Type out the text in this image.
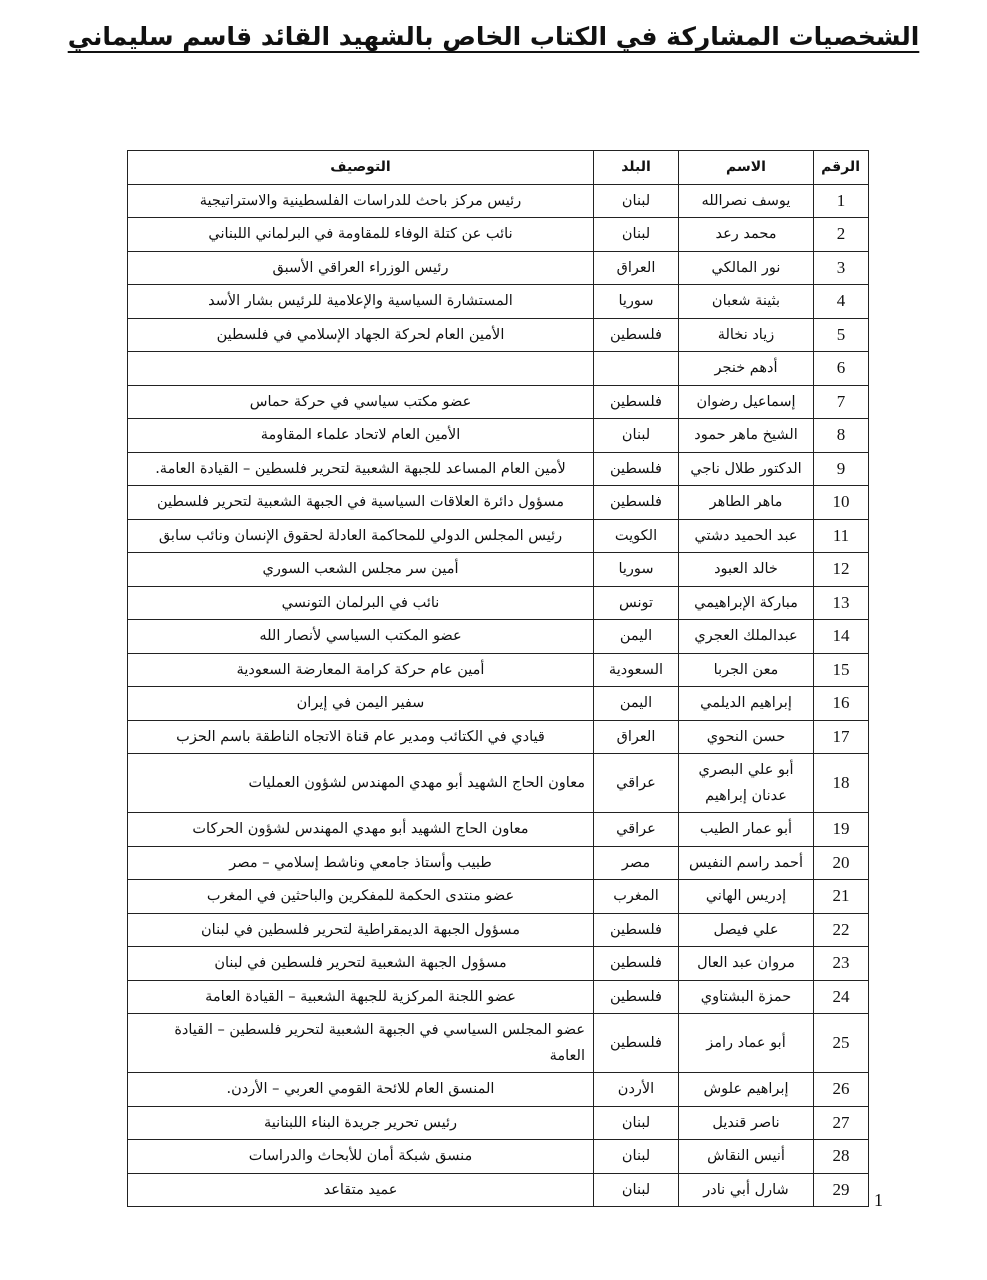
الشخصيات المشاركة في الكتاب الخاص بالشهيد القائد قاسم سليماني
الرقم	الاسم	البلد	التوصيف
1	يوسف نصرالله	لبنان	رئيس مركز باحث للدراسات الفلسطينية والاستراتيجية
2	محمد رعد	لبنان	نائب عن كتلة الوفاء للمقاومة في البرلماني اللبناني
3	نور المالكي	العراق	رئيس الوزراء العراقي الأسبق
4	بثينة شعبان	سوريا	المستشارة السياسية والإعلامية للرئيس بشار الأسد
5	زياد نخالة	فلسطين	الأمين العام لحركة الجهاد الإسلامي في فلسطين
6	أدهم خنجر		
7	إسماعيل رضوان	فلسطين	عضو مكتب سياسي في حركة حماس
8	الشيخ ماهر حمود	لبنان	الأمين العام لاتحاد علماء المقاومة
9	الدكتور طلال ناجي	فلسطين	لأمين العام المساعد للجبهة الشعبية لتحرير فلسطين – القيادة العامة.
10	ماهر الطاهر	فلسطين	مسؤول دائرة العلاقات السياسية في الجبهة الشعبية لتحرير فلسطين
11	عبد الحميد دشتي	الكويت	رئيس المجلس الدولي للمحاكمة العادلة لحقوق الإنسان ونائب سابق
12	خالد العبود	سوريا	أمين سر مجلس الشعب السوري
13	مباركة الإبراهيمي	تونس	نائب في البرلمان التونسي
14	عبدالملك العجري	اليمن	عضو المكتب السياسي لأنصار الله
15	معن الجربا	السعودية	أمين عام حركة كرامة المعارضة السعودية
16	إبراهيم الديلمي	اليمن	سفير اليمن في إيران
17	حسن النحوي	العراق	قيادي في الكتائب ومدير عام قناة الاتجاه الناطقة باسم الحزب
18	أبو علي البصري عدنان إبراهيم	عراقي	معاون الحاج الشهيد أبو مهدي المهندس لشؤون العمليات
19	أبو عمار الطيب	عراقي	معاون الحاج الشهيد أبو مهدي المهندس لشؤون الحركات
20	أحمد راسم النفيس	مصر	طبيب وأستاذ جامعي وناشط إسلامي – مصر
21	إدريس الهاني	المغرب	عضو منتدى الحكمة للمفكرين والباحثين في المغرب
22	علي فيصل	فلسطين	مسؤول الجبهة الديمقراطية لتحرير فلسطين في لبنان
23	مروان عبد العال	فلسطين	مسؤول الجبهة الشعبية لتحرير فلسطين في لبنان
24	حمزة البشتاوي	فلسطين	عضو اللجنة المركزية للجبهة الشعبية – القيادة العامة
25	أبو عماد رامز	فلسطين	عضو المجلس السياسي في الجبهة الشعبية لتحرير فلسطين – القيادة العامة
26	إبراهيم علوش	الأردن	المنسق العام للائحة القومي العربي – الأردن.
27	ناصر قنديل	لبنان	رئيس تحرير جريدة البناء اللبنانية
28	أنيس النقاش	لبنان	منسق شبكة أمان للأبحاث والدراسات
29	شارل أبي نادر	لبنان	عميد متقاعد
1
